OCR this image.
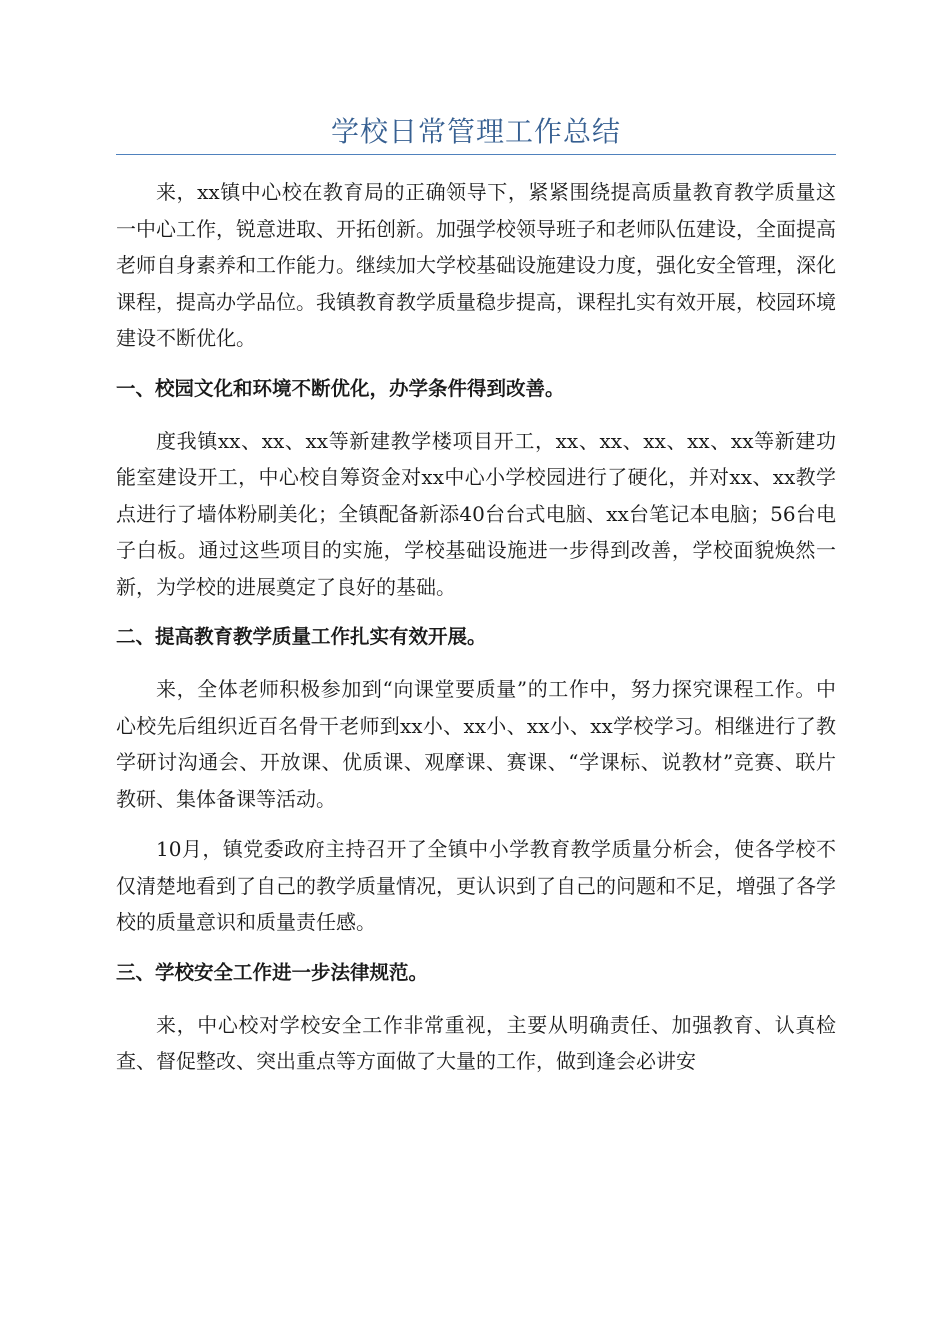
学校日常管理工作总结

来，xx镇中心校在教育局的正确领导下，紧紧围绕提高质量教育教学质量这一中心工作，锐意进取、开拓创新。加强学校领导班子和老师队伍建设，全面提高老师自身素养和工作能力。继续加大学校基础设施建设力度，强化安全管理，深化课程，提高办学品位。我镇教育教学质量稳步提高，课程扎实有效开展，校园环境建设不断优化。

一、校园文化和环境不断优化，办学条件得到改善。

度我镇xx、xx、xx等新建教学楼项目开工，xx、xx、xx、xx、xx等新建功能室建设开工，中心校自筹资金对xx中心小学校园进行了硬化，并对xx、xx教学点进行了墙体粉刷美化；全镇配备新添40台台式电脑、xx台笔记本电脑；56台电子白板。通过这些项目的实施，学校基础设施进一步得到改善，学校面貌焕然一新，为学校的进展奠定了良好的基础。

二、提高教育教学质量工作扎实有效开展。

来，全体老师积极参加到“向课堂要质量”的工作中，努力探究课程工作。中心校先后组织近百名骨干老师到xx小、xx小、xx小、xx学校学习。相继进行了教学研讨沟通会、开放课、优质课、观摩课、赛课、“学课标、说教材”竞赛、联片教研、集体备课等活动。

10月，镇党委政府主持召开了全镇中小学教育教学质量分析会，使各学校不仅清楚地看到了自己的教学质量情况，更认识到了自己的问题和不足，增强了各学校的质量意识和质量责任感。

三、学校安全工作进一步法律规范。

来，中心校对学校安全工作非常重视，主要从明确责任、加强教育、认真检查、督促整改、突出重点等方面做了大量的工作，做到逢会必讲安
